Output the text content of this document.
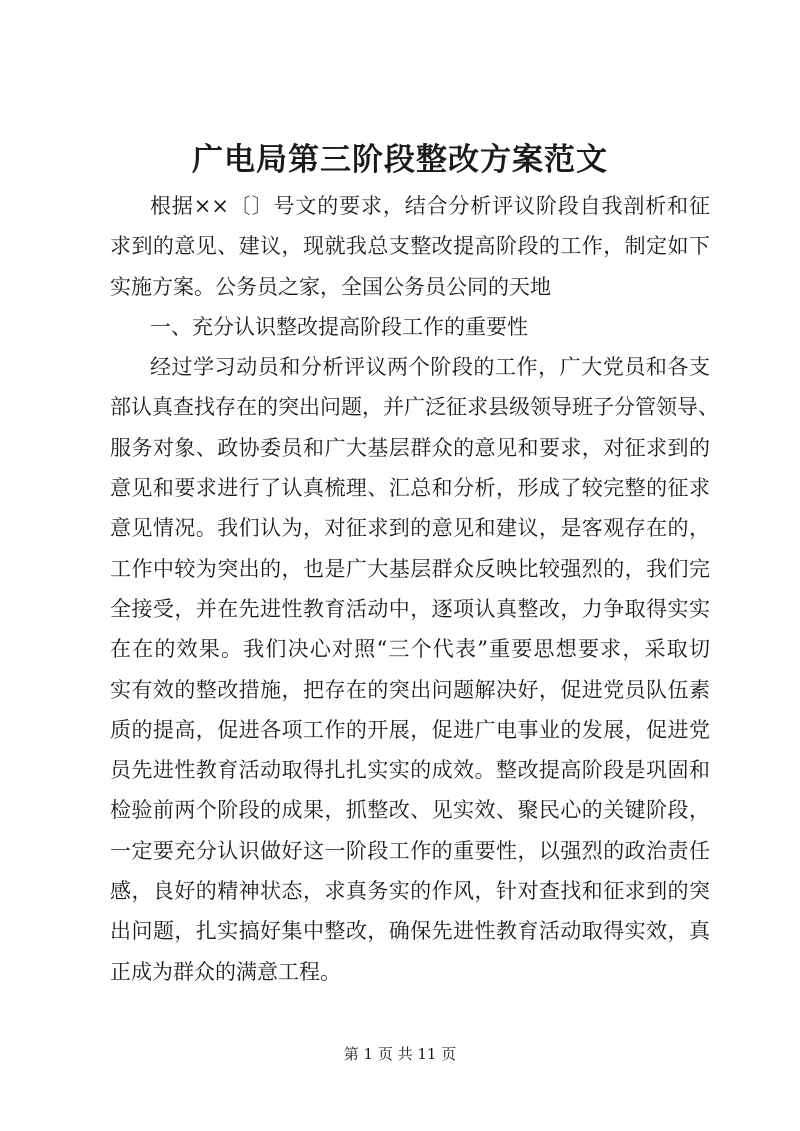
广电局第三阶段整改方案范文
根据××〔〕号文的要求，结合分析评议阶段自我剖析和征
求到的意见、建议，现就我总支整改提高阶段的工作，制定如下
实施方案。公务员之家，全国公务员公同的天地
一、充分认识整改提高阶段工作的重要性
经过学习动员和分析评议两个阶段的工作，广大党员和各支
部认真查找存在的突出问题，并广泛征求县级领导班子分管领导、
服务对象、政协委员和广大基层群众的意见和要求，对征求到的
意见和要求进行了认真梳理、汇总和分析，形成了较完整的征求
意见情况。我们认为，对征求到的意见和建议，是客观存在的，
工作中较为突出的，也是广大基层群众反映比较强烈的，我们完
全接受，并在先进性教育活动中，逐项认真整改，力争取得实实
在在的效果。我们决心对照“三个代表”重要思想要求，采取切
实有效的整改措施，把存在的突出问题解决好，促进党员队伍素
质的提高，促进各项工作的开展，促进广电事业的发展，促进党
员先进性教育活动取得扎扎实实的成效。整改提高阶段是巩固和
检验前两个阶段的成果，抓整改、见实效、聚民心的关键阶段，
一定要充分认识做好这一阶段工作的重要性，以强烈的政治责任
感，良好的精神状态，求真务实的作风，针对查找和征求到的突
出问题，扎实搞好集中整改，确保先进性教育活动取得实效，真
正成为群众的满意工程。
第 1 页 共 11 页
